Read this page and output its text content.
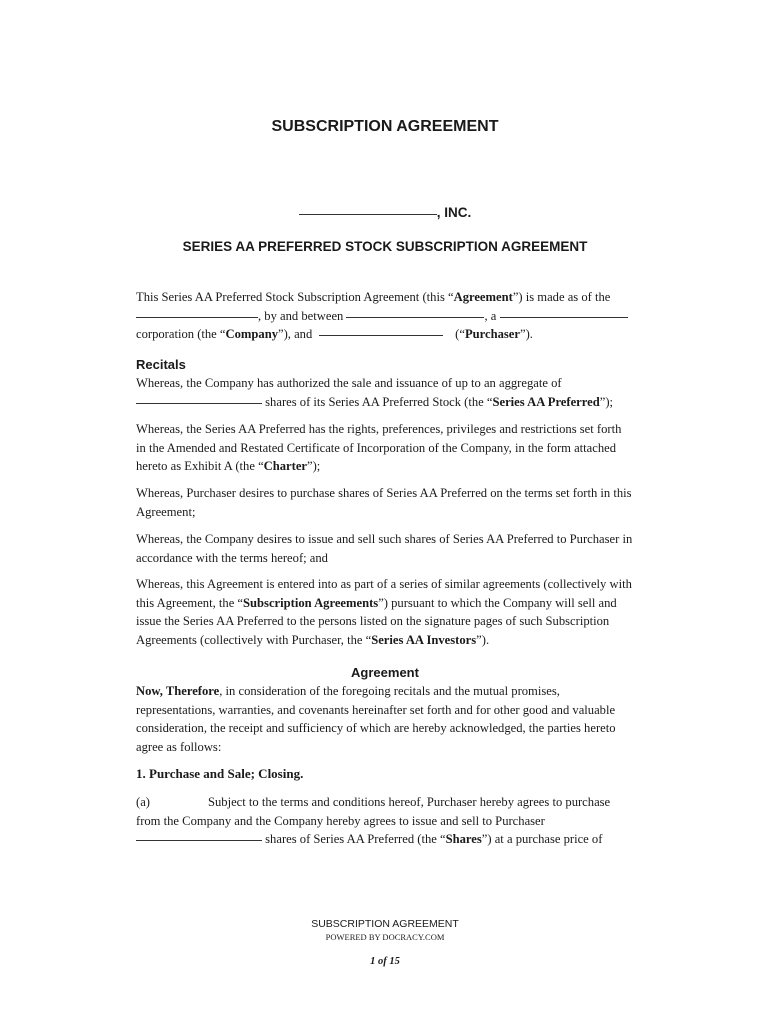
SUBSCRIPTION AGREEMENT
, INC.
SERIES AA PREFERRED STOCK SUBSCRIPTION AGREEMENT

This Series AA Preferred Stock Subscription Agreement (this “Agreement”) is made as of the
, by and between	, a
corporation (the “Company”), and	(“Purchaser”).

Recitals

Whereas, the Company has authorized the sale and issuance of up to an aggregate of
shares of its Series AA Preferred Stock (the “Series AA Preferred”);

Whereas, the Series AA Preferred has the rights, preferences, privileges and restrictions set forth in the Amended and Restated Certificate of Incorporation of the Company, in the form attached hereto as Exhibit A (the “Charter”);

Whereas, Purchaser desires to purchase shares of Series AA Preferred on the terms set forth in this Agreement;

Whereas, the Company desires to issue and sell such shares of Series AA Preferred to Purchaser in accordance with the terms hereof; and

Whereas, this Agreement is entered into as part of a series of similar agreements (collectively with this Agreement, the “Subscription Agreements”) pursuant to which the Company will sell and issue the Series AA Preferred to the persons listed on the signature pages of such Subscription Agreements (collectively with Purchaser, the “Series AA Investors”).

Agreement

Now, Therefore, in consideration of the foregoing recitals and the mutual promises, representations, warranties, and covenants hereinafter set forth and for other good and valuable consideration, the receipt and sufficiency of which are hereby acknowledged, the parties hereto agree as follows:

1. Purchase and Sale; Closing.

(a)	Subject to the terms and conditions hereof, Purchaser hereby agrees to purchase from the Company and the Company hereby agrees to issue and sell to Purchaser
shares of Series AA Preferred (the “Shares”) at a purchase price of

SUBSCRIPTION AGREEMENT
POWERED BY DOCRACY.COM
1 of 15
